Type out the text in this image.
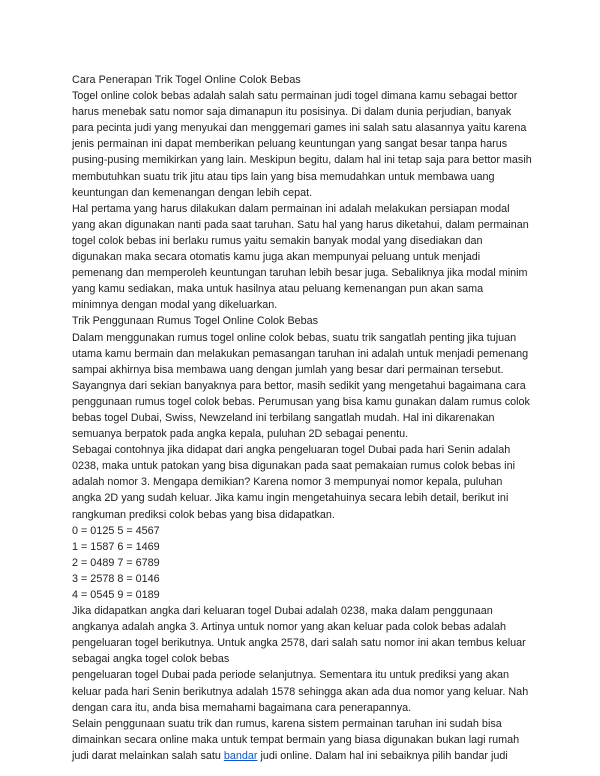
Cara Penerapan Trik Togel Online Colok Bebas

Togel online colok bebas adalah salah satu permainan judi togel dimana kamu sebagai bettor harus menebak satu nomor saja dimanapun itu posisinya. Di dalam dunia perjudian, banyak para pecinta judi yang menyukai dan menggemari games ini salah satu alasannya yaitu karena jenis permainan ini dapat memberikan peluang keuntungan yang sangat besar tanpa harus pusing-pusing memikirkan yang lain. Meskipun begitu, dalam hal ini tetap saja para bettor masih membutuhkan suatu trik jitu atau tips lain yang bisa memudahkan untuk membawa uang keuntungan dan kemenangan dengan lebih cepat.

Hal pertama yang harus dilakukan dalam permainan ini adalah melakukan persiapan modal yang akan digunakan nanti pada saat taruhan. Satu hal yang harus diketahui, dalam permainan togel colok bebas ini berlaku rumus yaitu semakin banyak modal yang disediakan dan digunakan maka secara otomatis kamu juga akan mempunyai peluang untuk menjadi pemenang dan memperoleh keuntungan taruhan lebih besar juga. Sebaliknya jika modal minim yang kamu sediakan, maka untuk hasilnya atau peluang kemenangan pun akan sama minimnya dengan modal yang dikeluarkan.

Trik Penggunaan Rumus Togel Online Colok Bebas

Dalam menggunakan rumus togel online colok bebas, suatu trik sangatlah penting jika tujuan utama kamu bermain dan melakukan pemasangan taruhan ini adalah untuk menjadi pemenang sampai akhirnya bisa membawa uang dengan jumlah yang besar dari permainan tersebut.

Sayangnya dari sekian banyaknya para bettor, masih sedikit yang mengetahui bagaimana cara penggunaan rumus togel colok bebas. Perumusan yang bisa kamu gunakan dalam rumus colok bebas togel Dubai, Swiss, Newzeland ini terbilang sangatlah mudah. Hal ini dikarenakan semuanya berpatok pada angka kepala, puluhan 2D sebagai penentu.

Sebagai contohnya jika didapat dari angka pengeluaran togel Dubai pada hari Senin adalah 0238, maka untuk patokan yang bisa digunakan pada saat pemakaian rumus colok bebas ini adalah nomor 3. Mengapa demikian? Karena nomor 3 mempunyai nomor kepala, puluhan angka 2D yang sudah keluar. Jika kamu ingin mengetahuinya secara lebih detail, berikut ini rangkuman prediksi colok bebas yang bisa didapatkan.

0 = 0125 5 = 4567

1 = 1587 6 = 1469

2 = 0489 7 = 6789

3 = 2578 8 = 0146

4 = 0545 9 = 0189

Jika didapatkan angka dari keluaran togel Dubai adalah 0238, maka dalam penggunaan angkanya adalah angka 3. Artinya untuk nomor yang akan keluar pada colok bebas adalah pengeluaran togel berikutnya. Untuk angka 2578, dari salah satu nomor ini akan tembus keluar sebagai angka togel colok bebas

pengeluaran togel Dubai pada periode selanjutnya. Sementara itu untuk prediksi yang akan keluar pada hari Senin berikutnya adalah 1578 sehingga akan ada dua nomor yang keluar. Nah dengan cara itu, anda bisa memahami bagaimana cara penerapannya.

Selain penggunaan suatu trik dan rumus, karena sistem permainan taruhan ini sudah bisa dimainkan secara online maka untuk tempat bermain yang biasa digunakan bukan lagi rumah judi darat melainkan salah satu bandar judi online. Dalam hal ini sebaiknya pilih bandar judi
